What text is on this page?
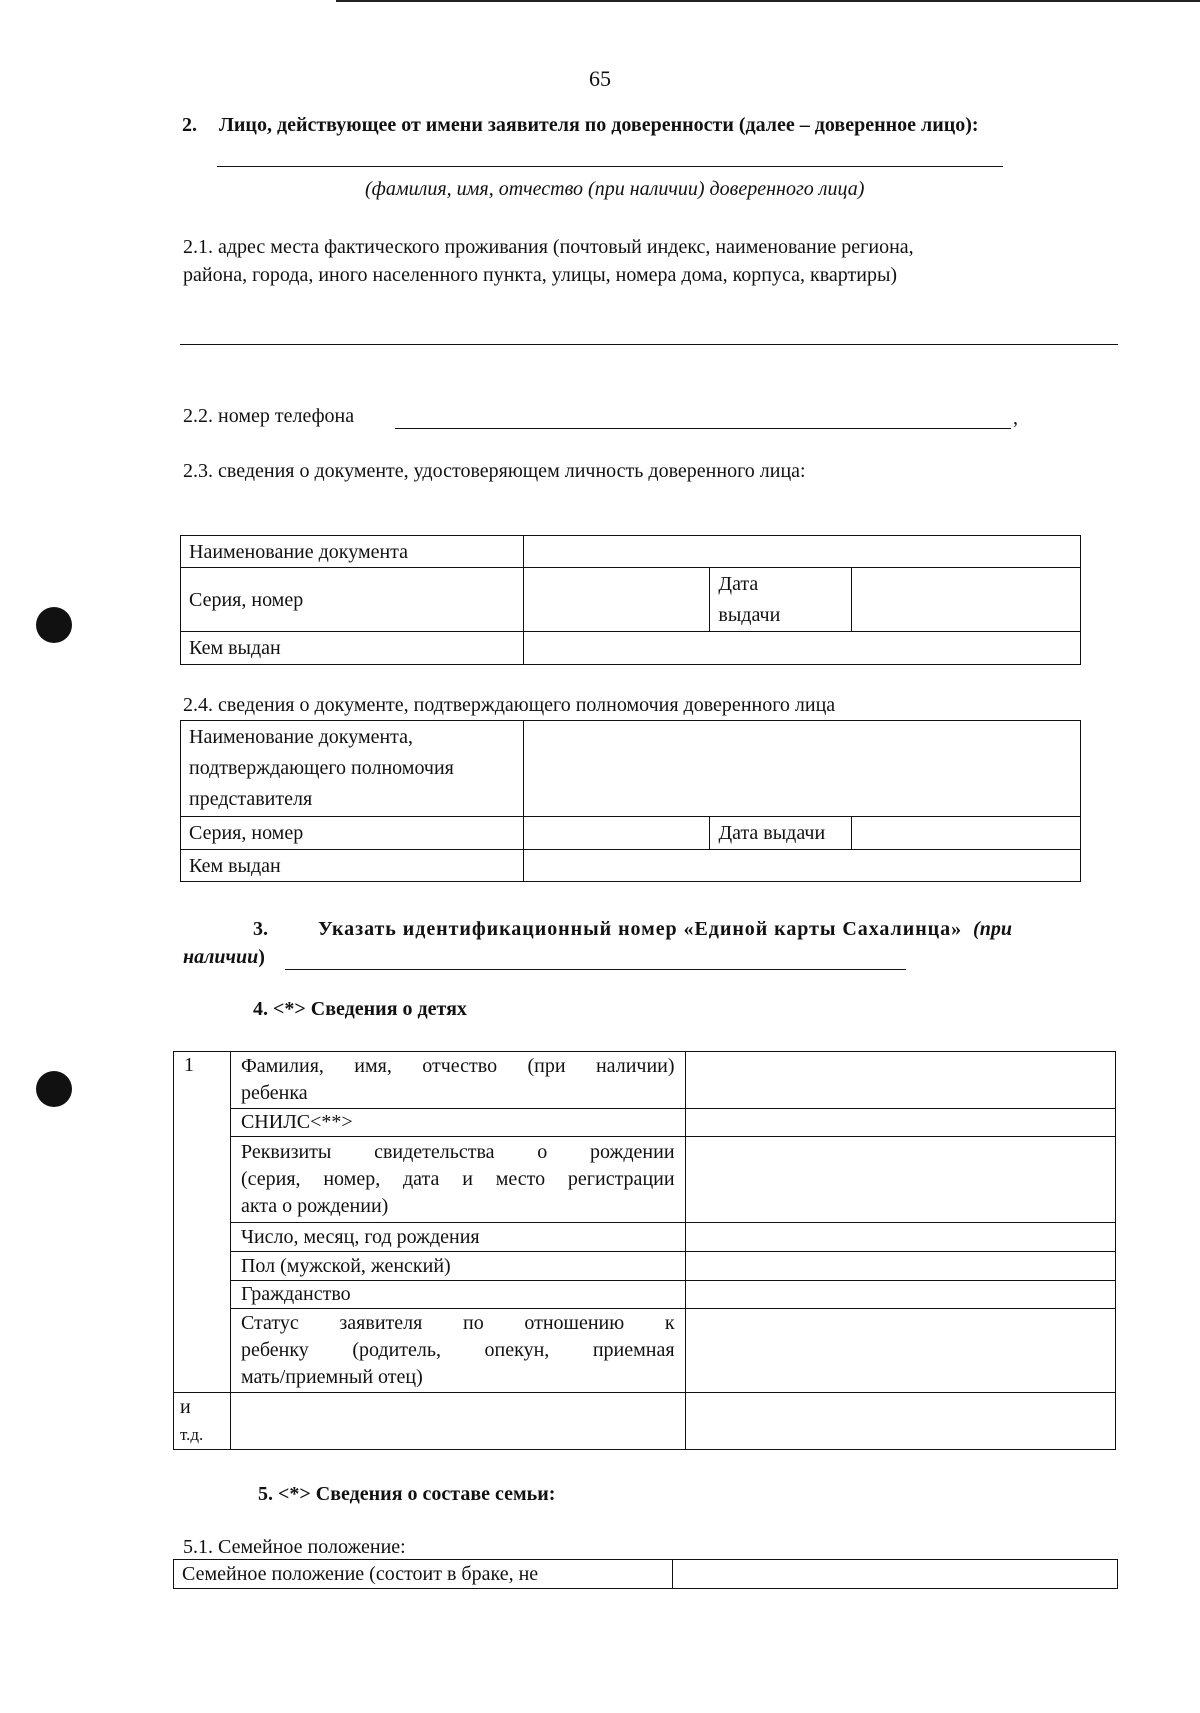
65
2. Лицо, действующее от имени заявителя по доверенности (далее – доверенное лицо):
(фамилия, имя, отчество (при наличии) доверенного лица)
2.1. адрес места фактического проживания (почтовый индекс, наименование региона,
района, города, иного населенного пункта, улицы, номера дома, корпуса, квартиры)
2.2. номер телефона	,
2.3. сведения о документе, удостоверяющем личность доверенного лица:
Наименование документа			
Серия, номер		Дата
выдачи	
Кем выдан			
2.4. сведения о документе, подтверждающего полномочия доверенного лица
Наименование документа,
подтверждающего полномочия
представителя			
Серия, номер		Дата выдачи	
Кем выдан			
3.	Указать идентификационный номер «Единой карты Сахалинца» (при
наличии)
4. <*> Сведения о детях
1	Фамилия, имя, отчество (при наличии)
ребенка	

	СНИЛС<**>	

	Реквизиты свидетельства о рождении
(серия, номер, дата и место регистрации
акта о рождении)	

	Число, месяц, год рождения	
	Пол (мужской, женский)	
	Гражданство	

	Статус заявителя по отношению к
ребенку (родитель, опекун, приемная
мать/приемный отец)	

и
т.д.		

5. <*> Сведения о составе семьи:
5.1. Семейное положение:
Семейное положение (состоит в браке, не	
